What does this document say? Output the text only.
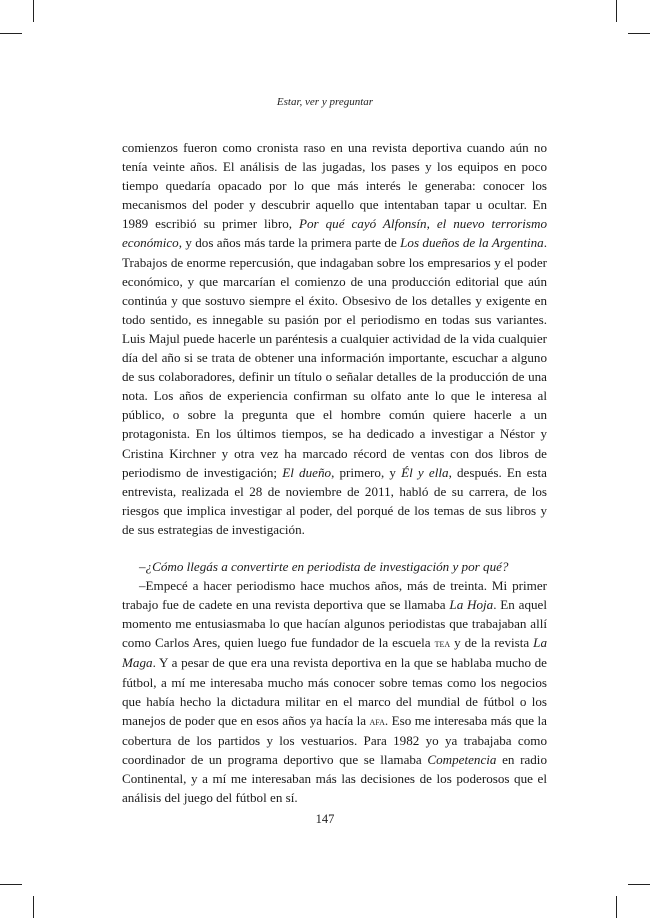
Estar, ver y preguntar

comienzos fueron como cronista raso en una revista deportiva cuando aún no tenía veinte años. El análisis de las jugadas, los pases y los equipos en poco tiempo quedaría opacado por lo que más interés le generaba: conocer los mecanismos del poder y descubrir aquello que intentaban tapar u ocultar. En 1989 escribió su primer libro, Por qué cayó Alfonsín, el nuevo terrorismo económico, y dos años más tarde la primera parte de Los dueños de la Argentina. Trabajos de enorme repercusión, que indagaban sobre los empresarios y el poder económico, y que marcarían el comienzo de una producción editorial que aún continúa y que sostuvo siempre el éxito. Obsesivo de los detalles y exigente en todo sentido, es innegable su pasión por el periodismo en todas sus variantes. Luis Majul puede hacerle un paréntesis a cualquier actividad de la vida cualquier día del año si se trata de obtener una información importante, escuchar a alguno de sus colaboradores, definir un título o señalar detalles de la producción de una nota. Los años de experiencia confirman su olfato ante lo que le interesa al público, o sobre la pregunta que el hombre común quiere hacerle a un protagonista. En los últimos tiempos, se ha dedicado a investigar a Néstor y Cristina Kirchner y otra vez ha marcado récord de ventas con dos libros de periodismo de investigación; El dueño, primero, y Él y ella, después. En esta entrevista, realizada el 28 de noviembre de 2011, habló de su carrera, de los riesgos que implica investigar al poder, del porqué de los temas de sus libros y de sus estrategias de investigación.

–¿Cómo llegás a convertirte en periodista de investigación y por qué?

–Empecé a hacer periodismo hace muchos años, más de treinta. Mi primer trabajo fue de cadete en una revista deportiva que se llamaba La Hoja. En aquel momento me entusiasmaba lo que hacían algunos periodistas que trabajaban allí como Carlos Ares, quien luego fue fundador de la escuela tea y de la revista La Maga. Y a pesar de que era una revista deportiva en la que se hablaba mucho de fútbol, a mí me interesaba mucho más conocer sobre temas como los negocios que había hecho la dictadura militar en el marco del mundial de fútbol o los manejos de poder que en esos años ya hacía la afa. Eso me interesaba más que la cobertura de los partidos y los vestuarios. Para 1982 yo ya trabajaba como coordinador de un programa deportivo que se llamaba Competencia en radio Continental, y a mí me interesaban más las decisiones de los poderosos que el análisis del juego del fútbol en sí.

147
